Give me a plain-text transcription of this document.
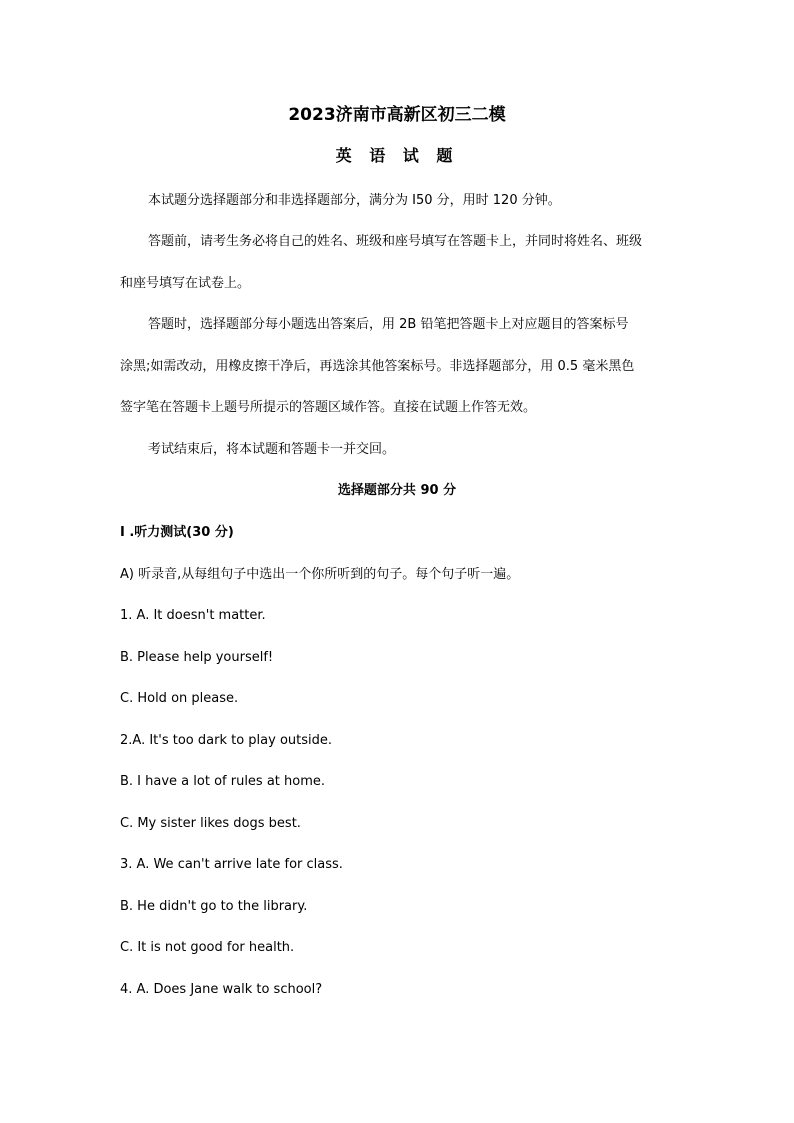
2023济南市高新区初三二模
英 语 试 题
本试题分选择题部分和非选择题部分，满分为 I50 分，用时 120 分钟。
答题前，请考生务必将自己的姓名、班级和座号填写在答题卡上，并同时将姓名、班级
和座号填写在试卷上。
答题时，选择题部分每小题选出答案后，用 2B 铅笔把答题卡上对应题目的答案标号
涂黑;如需改动，用橡皮擦干净后，再选涂其他答案标号。非选择题部分，用 0.5 毫米黑色
签字笔在答题卡上题号所提示的答题区域作答。直接在试题上作答无效。
考试结束后，将本试题和答题卡一并交回。
选择题部分共 90 分
I .听力测试(30 分)
A) 听录音,从每组句子中选出一个你所听到的句子。每个句子听一遍。
1. A. It doesn't matter.
B. Please help yourself!
C. Hold on please.
2.A. It's too dark to play outside.
B. I have a lot of rules at home.
C. My sister likes dogs best.
3. A. We can't arrive late for class.
B. He didn't go to the library.
C. It is not good for health.
4. A. Does Jane walk to school?
